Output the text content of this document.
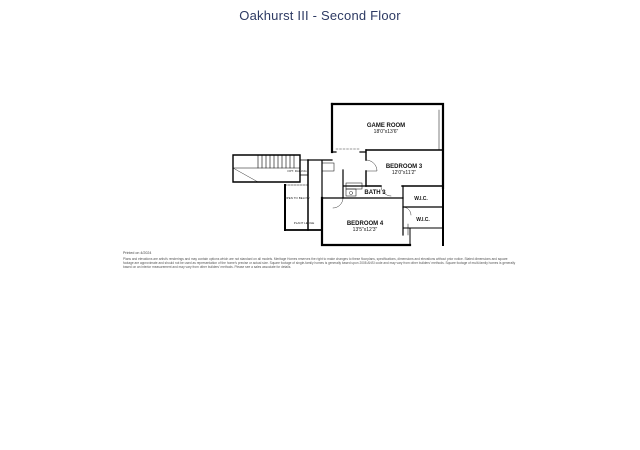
Oakhurst III - Second Floor
GAME ROOM
18'0"x13'6"
BEDROOM 3
12'0"x11'2"
BATH 3
BEDROOM 4
13'5"x12'3"
W.I.C.
W.I.C.
OPT. RAILING
OPEN TO BELOW
PLANT LEDGE
Printed on 4/2024
Plans and elevations are artist's renderings and may contain options which are not standard on all models. Meritage Homes reserves the right to make changes to these floorplans, specifications, dimensions and elevations without prior notice. Stated dimensions and square footage are approximate and should not be used as representation of the home's precise or actual size. Square footage of single-family homes is generally based upon 2008 ANSI code and may vary from other builders' methods. Square footage of multi-family homes is generally based on an interior measurement and may vary from other builders' methods. Please see a sales associate for details.
